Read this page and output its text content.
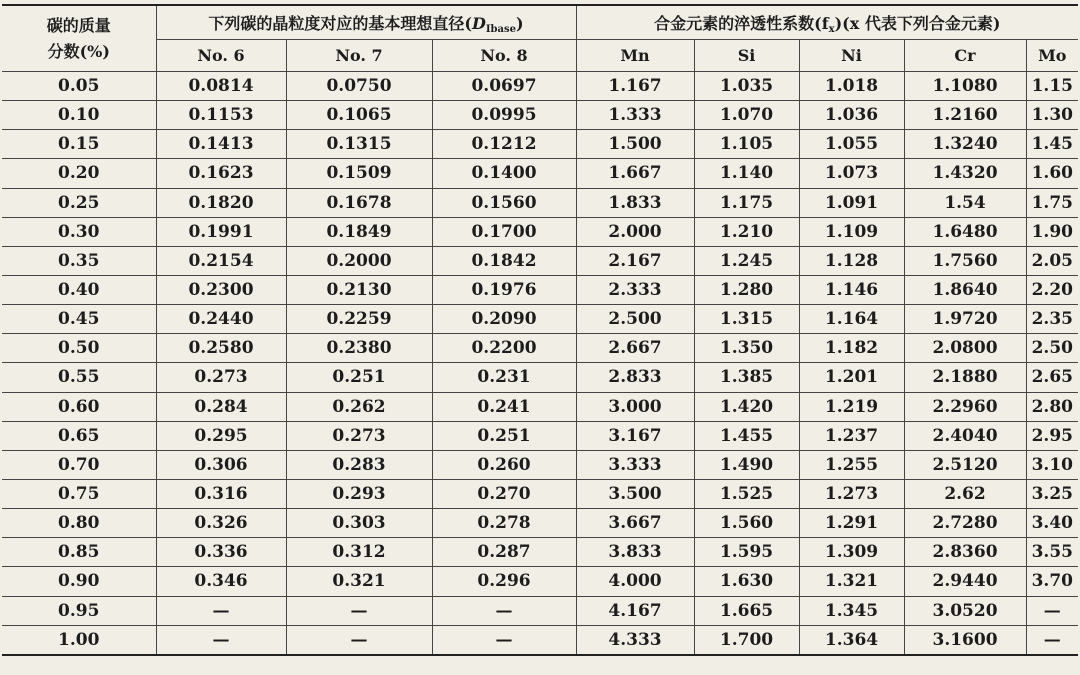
碳的质量
分数(%)	下列碳的晶粒度对应的基本理想直径(DIbase)			合金元素的淬透性系数(fx)(x 代表下列合金元素)				
	No. 6	No. 7	No. 8	Mn	Si	Ni	Cr	Mo
0.05	0.0814	0.0750	0.0697	1.167	1.035	1.018	1.1080	1.15
0.10	0.1153	0.1065	0.0995	1.333	1.070	1.036	1.2160	1.30
0.15	0.1413	0.1315	0.1212	1.500	1.105	1.055	1.3240	1.45
0.20	0.1623	0.1509	0.1400	1.667	1.140	1.073	1.4320	1.60
0.25	0.1820	0.1678	0.1560	1.833	1.175	1.091	1.54	1.75
0.30	0.1991	0.1849	0.1700	2.000	1.210	1.109	1.6480	1.90
0.35	0.2154	0.2000	0.1842	2.167	1.245	1.128	1.7560	2.05
0.40	0.2300	0.2130	0.1976	2.333	1.280	1.146	1.8640	2.20
0.45	0.2440	0.2259	0.2090	2.500	1.315	1.164	1.9720	2.35
0.50	0.2580	0.2380	0.2200	2.667	1.350	1.182	2.0800	2.50
0.55	0.273	0.251	0.231	2.833	1.385	1.201	2.1880	2.65
0.60	0.284	0.262	0.241	3.000	1.420	1.219	2.2960	2.80
0.65	0.295	0.273	0.251	3.167	1.455	1.237	2.4040	2.95
0.70	0.306	0.283	0.260	3.333	1.490	1.255	2.5120	3.10
0.75	0.316	0.293	0.270	3.500	1.525	1.273	2.62	3.25
0.80	0.326	0.303	0.278	3.667	1.560	1.291	2.7280	3.40
0.85	0.336	0.312	0.287	3.833	1.595	1.309	2.8360	3.55
0.90	0.346	0.321	0.296	4.000	1.630	1.321	2.9440	3.70
0.95	—	—	—	4.167	1.665	1.345	3.0520	—
1.00	—	—	—	4.333	1.700	1.364	3.1600	—
